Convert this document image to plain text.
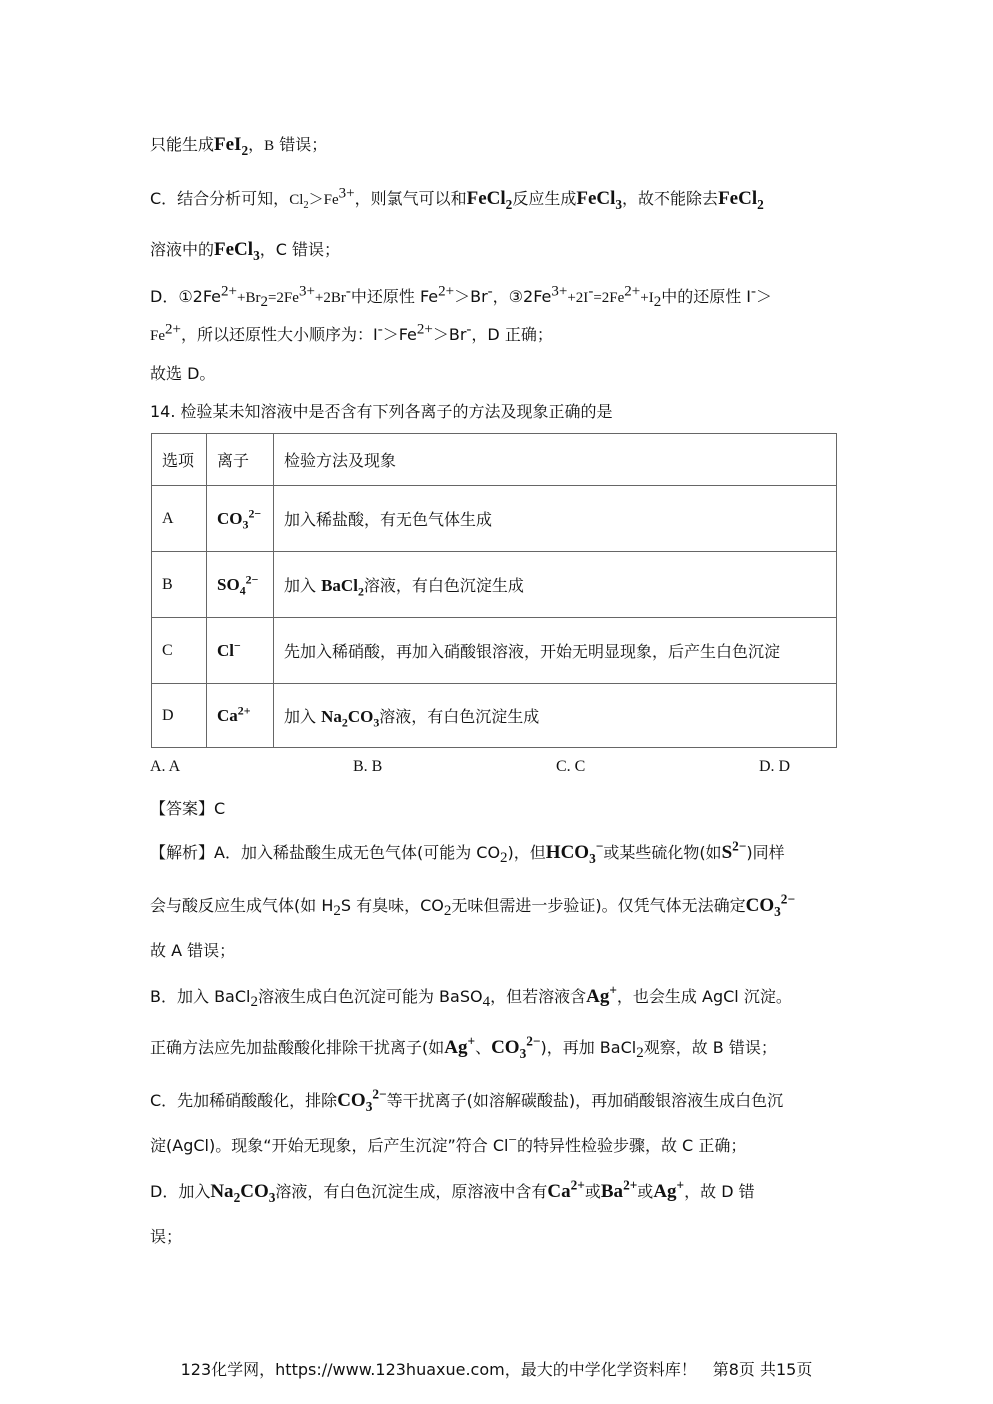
只能生成FeI$_2$，B 错误；
C．结合分析可知，$Cl_2>Fe^{3+}$，则氯气可以和FeCl$_2$反应生成FeCl$_3$，故不能除去FeCl$_2$
溶液中的FeCl$_3$，C 错误；
D．$①2Fe^{2+}+Br_2=2Fe^{3+}+2Br^-$中还原性 $Fe^{2+}>Br^-$，$③2Fe^{3+}+2I^-=2Fe^{2+}+I_2$中的还原性 I-＞
$Fe^{2+}$，所以还原性大小顺序为：$I^->Fe^{2+}>Br^-$，D 正确；
故选 D。
14. 检验某未知溶液中是否含有下列各离子的方法及现象正确的是
选项	离子	检验方法及现象
A	$CO_3^{2-}$	加入稀盐酸，有无色气体生成
B	$SO_4^{2-}$	加入 BaCl$_2$溶液，有白色沉淀生成
C	Cl−	先加入稀硝酸，再加入硝酸银溶液，开始无明显现象，后产生白色沉淀
D	$Ca^{2+}$	加入 $Na_2CO_3$溶液，有白色沉淀生成
A. A	B. B	C. C	D. D
【答案】C
【解析】A．加入稀盐酸生成无色气体(可能为 $CO_2$)，但$HCO_3^-$或某些硫化物(如$S^{2-}$)同样
会与酸反应生成气体(如 $H_2S$ 有臭味，$CO_2$无味但需进一步验证)。仅凭气体无法确定$CO_3^{2-}$
故 A 错误；
B．加入 BaCl$_2$溶液生成白色沉淀可能为 BaSO$_4$，但若溶液含Ag+，也会生成 AgCl 沉淀。
正确方法应先加盐酸酸化排除干扰离子(如Ag+、$CO_3^{2-}$)，再加 BaCl$_2$观察，故 B 错误；
C．先加稀硝酸酸化，排除$CO_3^{2-}$等干扰离子(如溶解碳酸盐)，再加硝酸银溶液生成白色沉
淀(AgCl)。现象“开始无现象，后产生沉淀”符合 Cl−的特异性检验步骤，故 C 正确；
D．加入$Na_2CO_3$溶液，有白色沉淀生成，原溶液中含有$Ca^{2+}$或$Ba^{2+}$或Ag+，故 D 错
误；
123化学网，https://www.123huaxue.com，最大的中学化学资料库！　第8页 共15页
